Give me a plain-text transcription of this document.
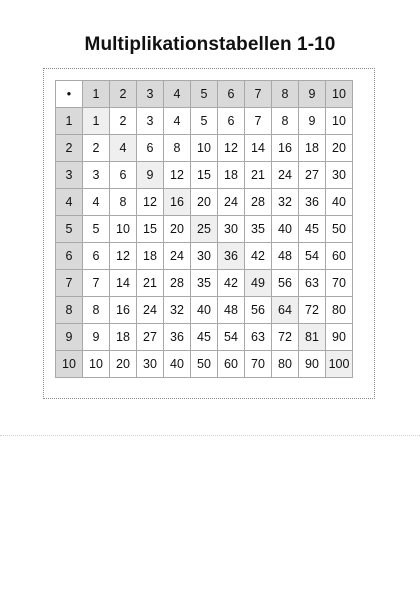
Multiplikationstabellen 1-10
•	1	2	3	4	5	6	7	8	9	10
1	1	2	3	4	5	6	7	8	9	10
2	2	4	6	8	10	12	14	16	18	20
3	3	6	9	12	15	18	21	24	27	30
4	4	8	12	16	20	24	28	32	36	40
5	5	10	15	20	25	30	35	40	45	50
6	6	12	18	24	30	36	42	48	54	60
7	7	14	21	28	35	42	49	56	63	70
8	8	16	24	32	40	48	56	64	72	80
9	9	18	27	36	45	54	63	72	81	90
10	10	20	30	40	50	60	70	80	90	100
